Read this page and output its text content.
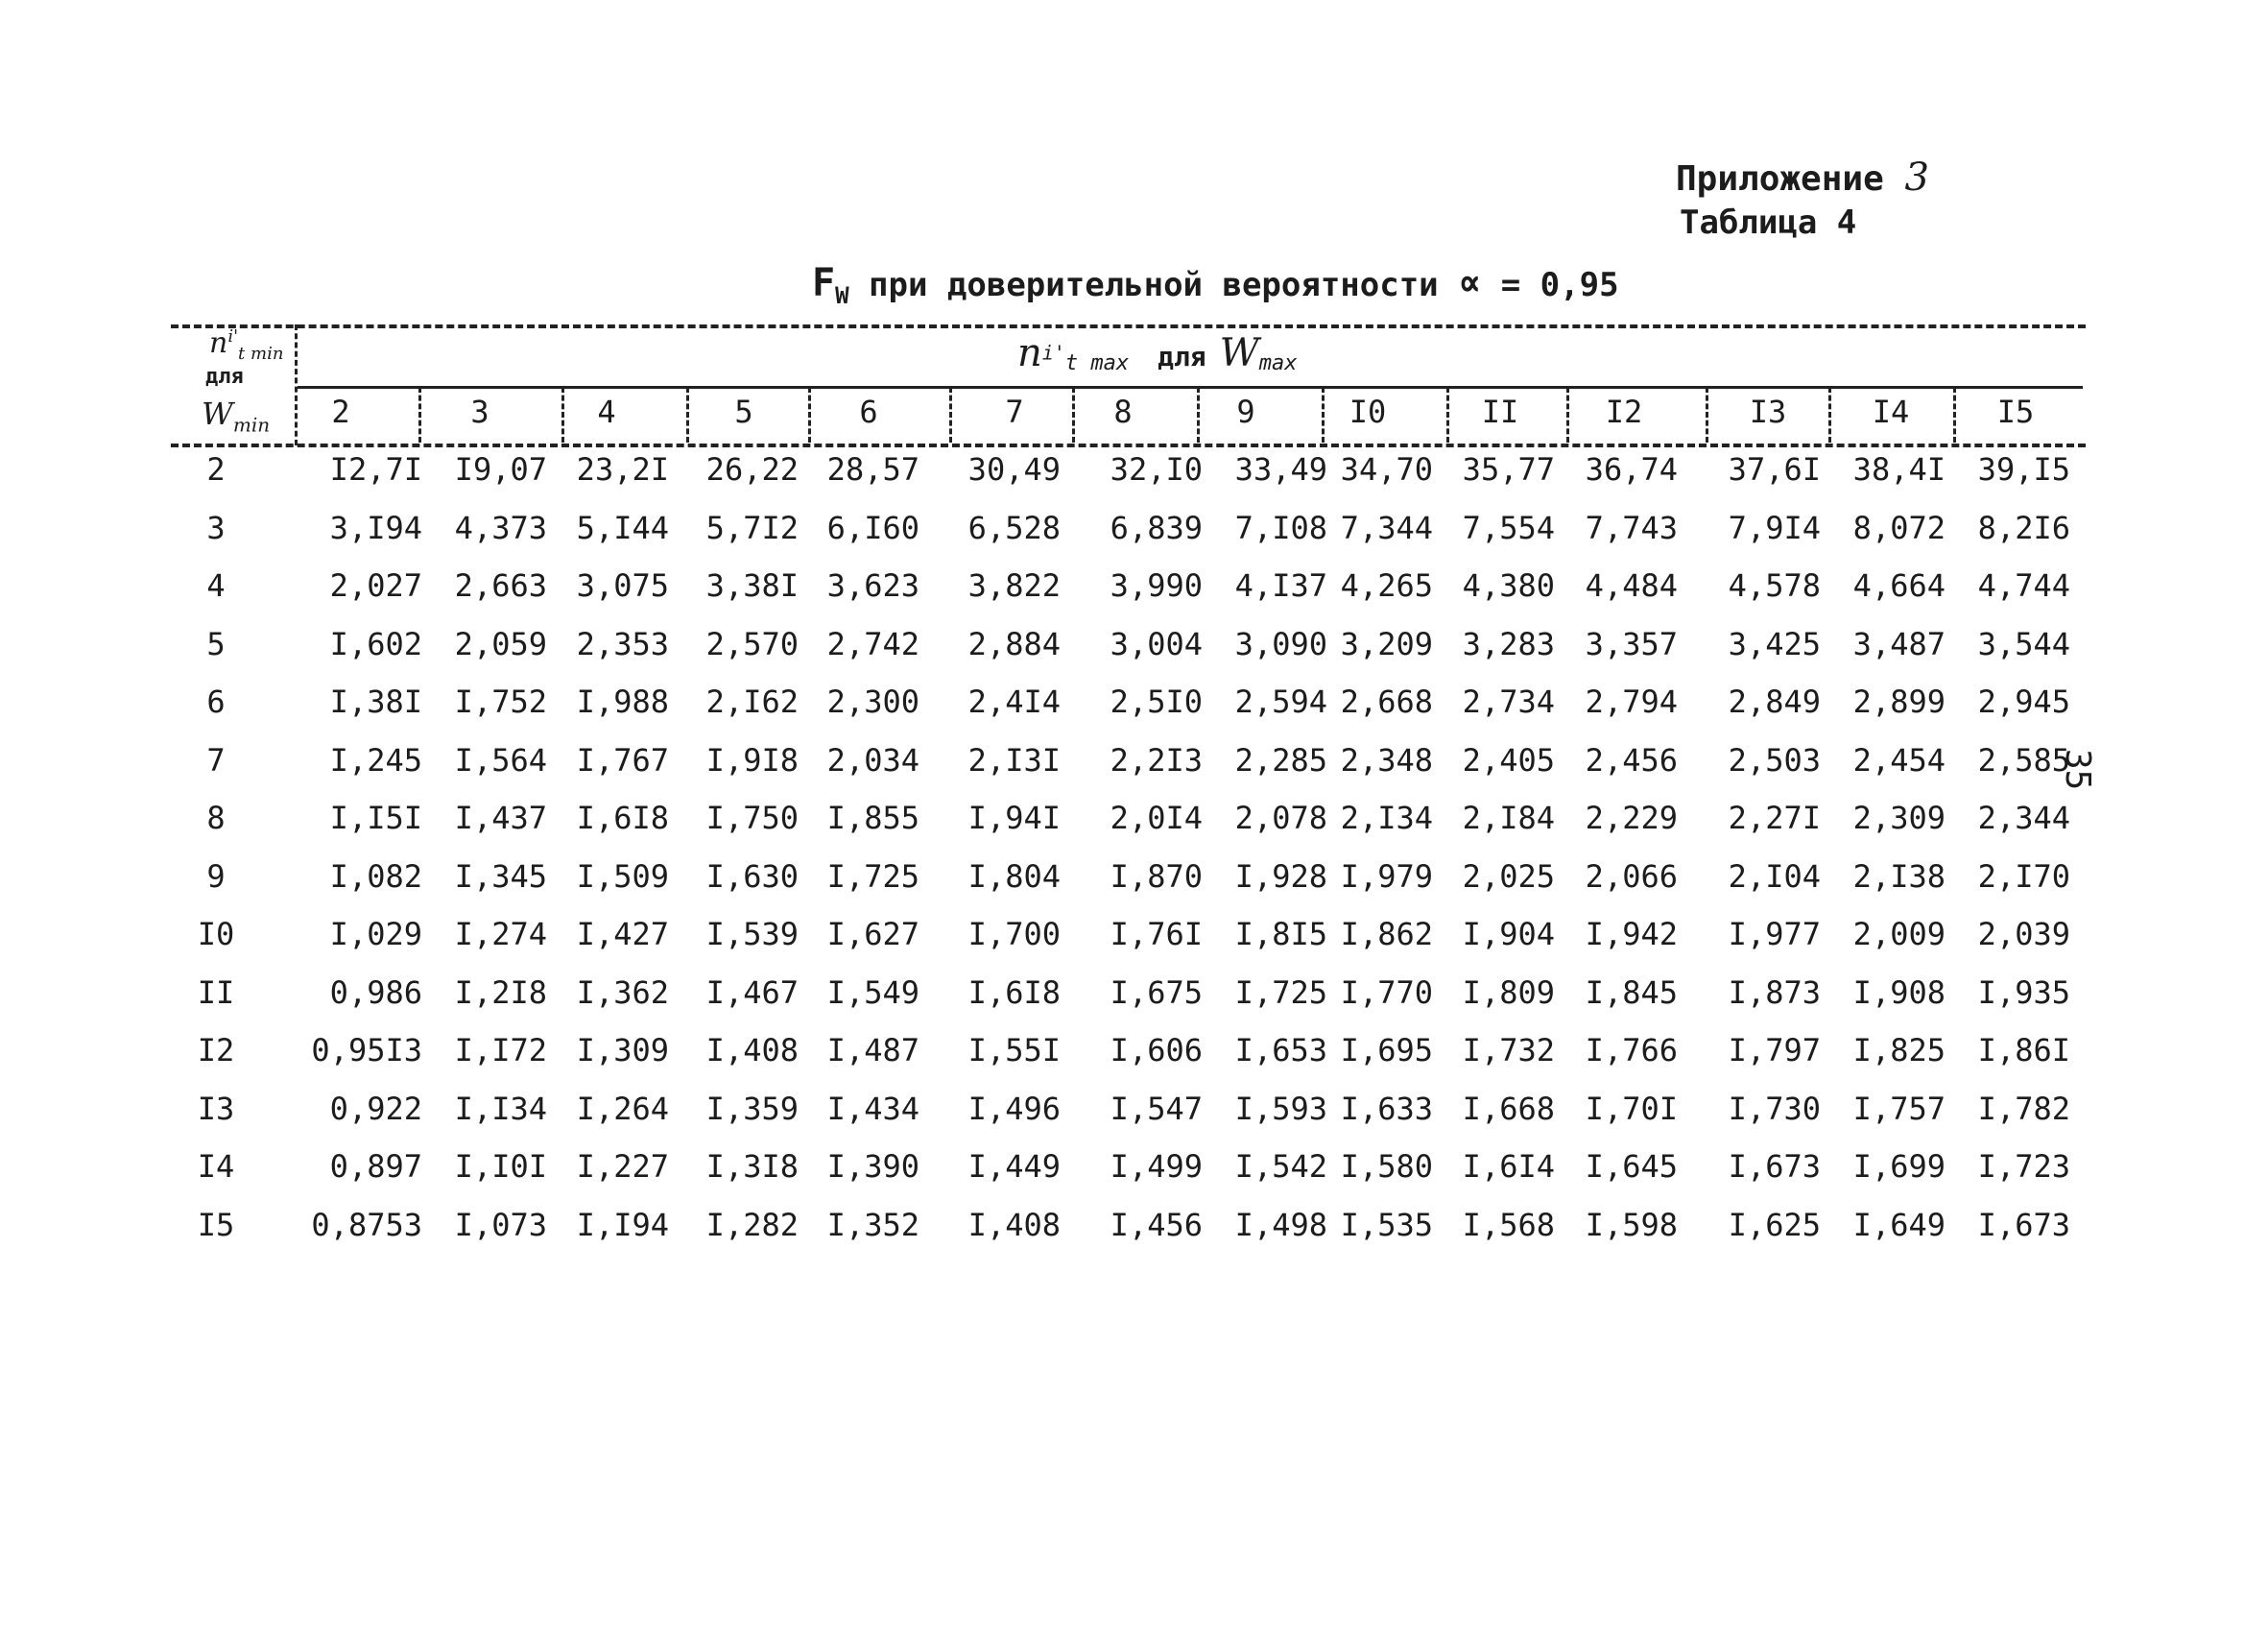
Приложение 3
Таблица 4
$F_W$ при доверительной вероятности ∝ = 0,95
$n^{i'}_{t min}$
для
$W_{min}$
$n^{i'}_{t max}$ для $W_{max}$
2	3	4	5	6	7	8	9	I0	II	I2	I3	I4	I5
2	I2,7I I9,07 23,2I 26,22 28,57 30,49 32,I0 33,49 34,70 35,77 36,74 37,6I 38,4I 39,I5
3	3,I94 4,373 5,I44 5,7I2 6,I60 6,528 6,839 7,I08 7,344 7,554 7,743 7,9I4 8,072 8,2I6
4	2,027 2,663 3,075 3,38I 3,623 3,822 3,990 4,I37 4,265 4,380 4,484 4,578 4,664 4,744
5	I,602 2,059 2,353 2,570 2,742 2,884 3,004 3,090 3,209 3,283 3,357 3,425 3,487 3,544
6	I,38I I,752 I,988 2,I62 2,300 2,4I4 2,5I0 2,594 2,668 2,734 2,794 2,849 2,899 2,945
7	I,245 I,564 I,767 I,9I8 2,034 2,I3I 2,2I3 2,285 2,348 2,405 2,456 2,503 2,454 2,585
8	I,I5I I,437 I,6I8 I,750 I,855 I,94I 2,0I4 2,078 2,I34 2,I84 2,229 2,27I 2,309 2,344
9	I,082 I,345 I,509 I,630 I,725 I,804 I,870 I,928 I,979 2,025 2,066 2,I04 2,I38 2,I70
I0	I,029 I,274 I,427 I,539 I,627 I,700 I,76I I,8I5 I,862 I,904 I,942 I,977 2,009 2,039
II	0,986 I,2I8 I,362 I,467 I,549 I,6I8 I,675 I,725 I,770 I,809 I,845 I,873 I,908 I,935
I2	0,95I3 I,I72 I,309 I,408 I,487 I,55I I,606 I,653 I,695 I,732 I,766 I,797 I,825 I,86I
I3	0,922 I,I34 I,264 I,359 I,434 I,496 I,547 I,593 I,633 I,668 I,70I I,730 I,757 I,782
I4	0,897 I,I0I I,227 I,3I8 I,390 I,449 I,499 I,542 I,580 I,6I4 I,645 I,673 I,699 I,723
I5	0,8753 I,073 I,I94 I,282 I,352 I,408 I,456 I,498 I,535 I,568 I,598 I,625 I,649 I,673
35
